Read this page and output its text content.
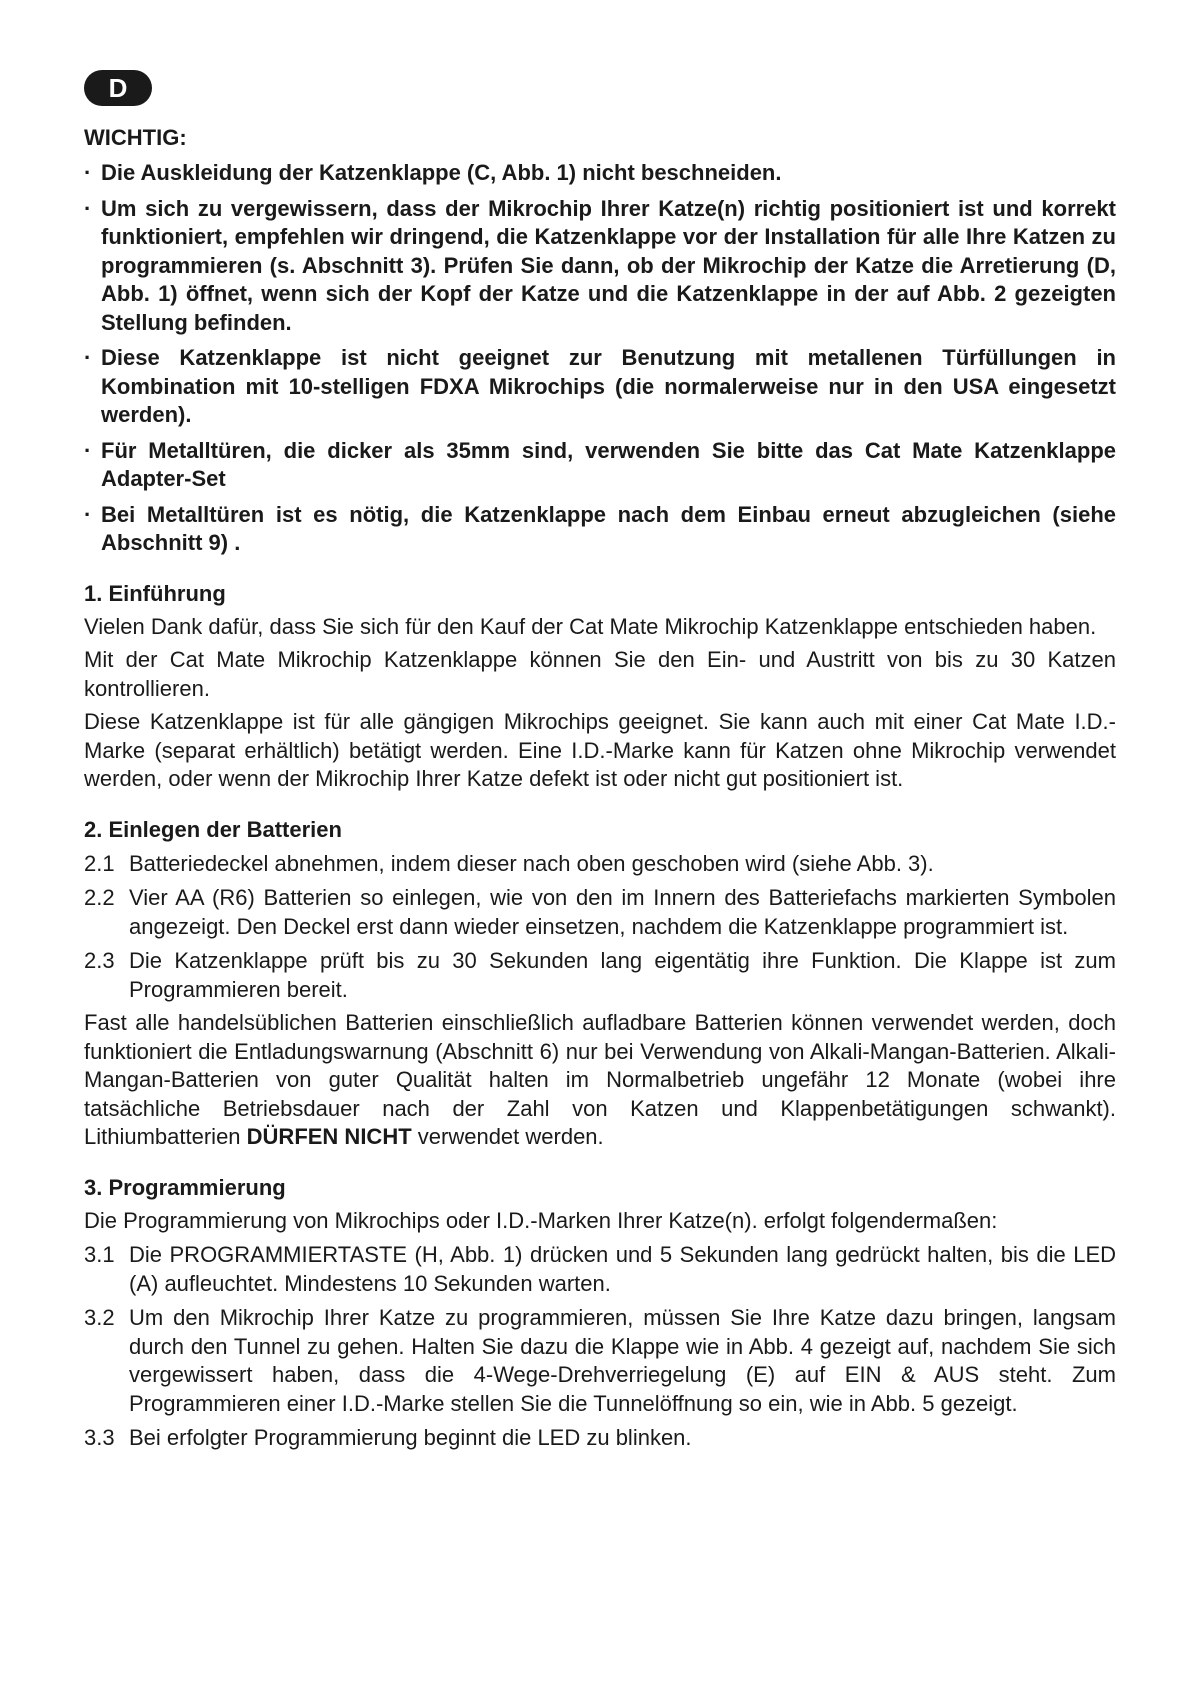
D
WICHTIG:
· Die Auskleidung der Katzenklappe (C, Abb. 1) nicht beschneiden.
· Um sich zu vergewissern, dass der Mikrochip Ihrer Katze(n) richtig positioniert ist und korrekt funktioniert, empfehlen wir dringend, die Katzenklappe vor der Installation für alle Ihre Katzen zu programmieren (s. Abschnitt 3). Prüfen Sie dann, ob der Mikrochip der Katze die Arretierung (D, Abb. 1) öffnet, wenn sich der Kopf der Katze und die Katzenklappe in der auf Abb. 2 gezeigten Stellung befinden.
· Diese Katzenklappe ist nicht geeignet zur Benutzung mit metallenen Türfüllungen in Kombination mit 10-stelligen FDXA Mikrochips (die normalerweise nur in den USA eingesetzt werden).
· Für Metalltüren, die dicker als 35mm sind, verwenden Sie bitte das Cat Mate Katzenklappe Adapter-Set
· Bei Metalltüren ist es nötig, die Katzenklappe nach dem Einbau erneut abzugleichen (siehe Abschnitt 9) .
1. Einführung
Vielen Dank dafür, dass Sie sich für den Kauf der Cat Mate Mikrochip Katzenklappe entschieden haben.
Mit der Cat Mate Mikrochip Katzenklappe können Sie den Ein- und Austritt von bis zu 30 Katzen kontrollieren.
Diese Katzenklappe ist für alle gängigen Mikrochips geeignet. Sie kann auch mit einer Cat Mate I.D.-Marke (separat erhältlich) betätigt werden. Eine I.D.-Marke kann für Katzen ohne Mikrochip verwendet werden, oder wenn der Mikrochip Ihrer Katze defekt ist oder nicht gut positioniert ist.
2. Einlegen der Batterien
2.1 Batteriedeckel abnehmen, indem dieser nach oben geschoben wird (siehe Abb. 3).
2.2 Vier AA (R6) Batterien so einlegen, wie von den im Innern des Batteriefachs markierten Symbolen angezeigt. Den Deckel erst dann wieder einsetzen, nachdem die Katzenklappe programmiert ist.
2.3 Die Katzenklappe prüft bis zu 30 Sekunden lang eigentätig ihre Funktion. Die Klappe ist zum Programmieren bereit.
Fast alle handelsüblichen Batterien einschließlich aufladbare Batterien können verwendet werden, doch funktioniert die Entladungswarnung (Abschnitt 6) nur bei Verwendung von Alkali-Mangan-Batterien. Alkali-Mangan-Batterien von guter Qualität halten im Normalbetrieb ungefähr 12 Monate (wobei ihre tatsächliche Betriebsdauer nach der Zahl von Katzen und Klappenbetätigungen schwankt). Lithiumbatterien DÜRFEN NICHT verwendet werden.
3. Programmierung
Die Programmierung von Mikrochips oder I.D.-Marken Ihrer Katze(n). erfolgt folgendermaßen:
3.1 Die PROGRAMMIERTASTE (H, Abb. 1) drücken und 5 Sekunden lang gedrückt halten, bis die LED (A) aufleuchtet. Mindestens 10 Sekunden warten.
3.2 Um den Mikrochip Ihrer Katze zu programmieren, müssen Sie Ihre Katze dazu bringen, langsam durch den Tunnel zu gehen. Halten Sie dazu die Klappe wie in Abb. 4 gezeigt auf, nachdem Sie sich vergewissert haben, dass die 4-Wege-Drehverriegelung (E) auf EIN & AUS steht. Zum Programmieren einer I.D.-Marke stellen Sie die Tunnelöffnung so ein, wie in Abb. 5 gezeigt.
3.3 Bei erfolgter Programmierung beginnt die LED zu blinken.
